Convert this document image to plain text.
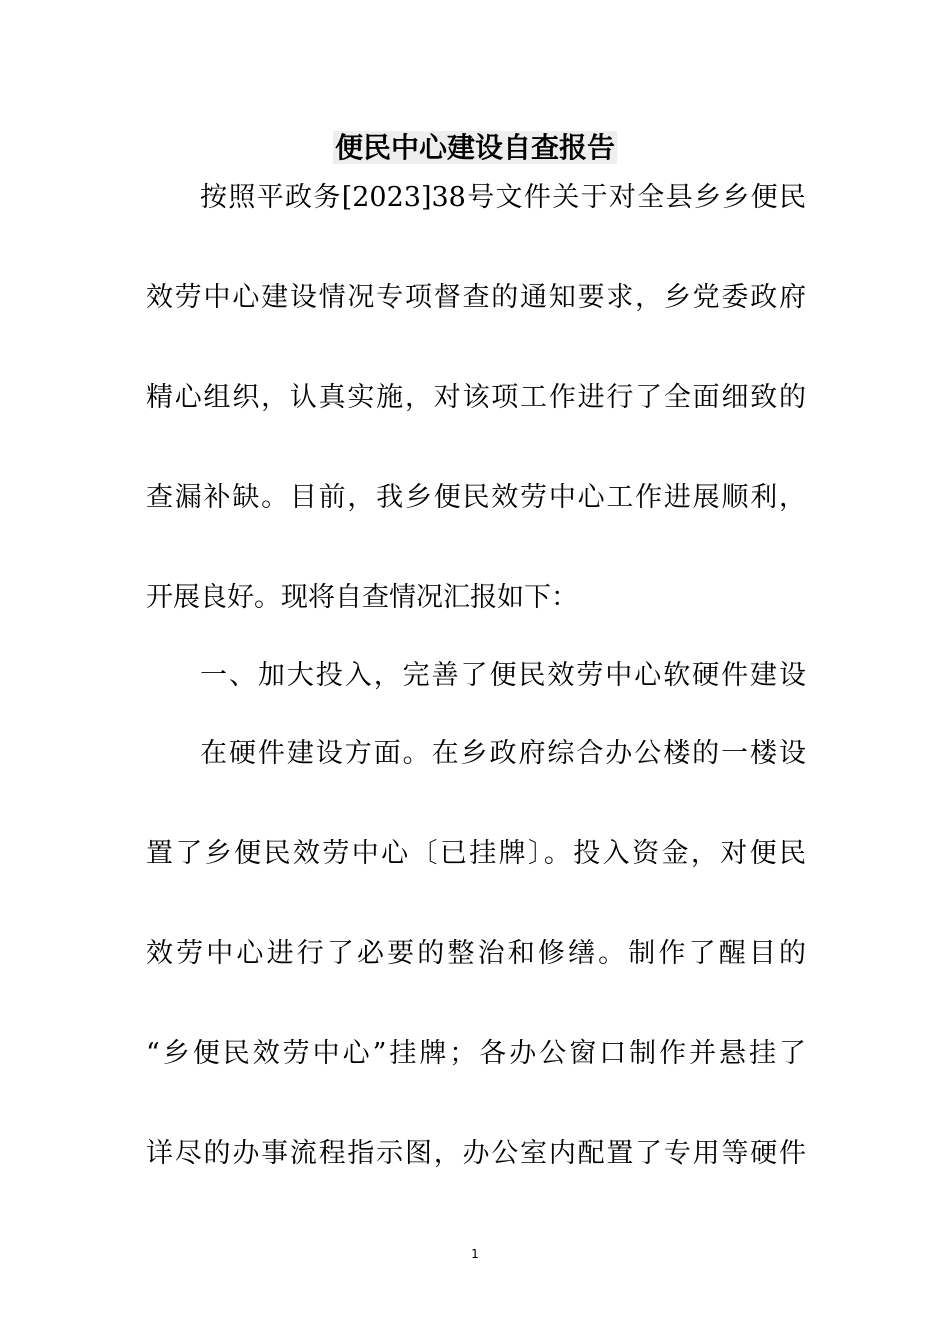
便民中心建设自查报告
按照平政务[2023]38号文件关于对全县乡乡便民
效劳中心建设情况专项督查的通知要求，乡党委政府
精心组织，认真实施，对该项工作进行了全面细致的
查漏补缺。目前，我乡便民效劳中心工作进展顺利，
开展良好。现将自查情况汇报如下：
一、加大投入，完善了便民效劳中心软硬件建设
在硬件建设方面。在乡政府综合办公楼的一楼设
置了乡便民效劳中心〔已挂牌〕。投入资金，对便民
效劳中心进行了必要的整治和修缮。制作了醒目的
“乡便民效劳中心”挂牌；各办公窗口制作并悬挂了
详尽的办事流程指示图，办公室内配置了专用等硬件
1
